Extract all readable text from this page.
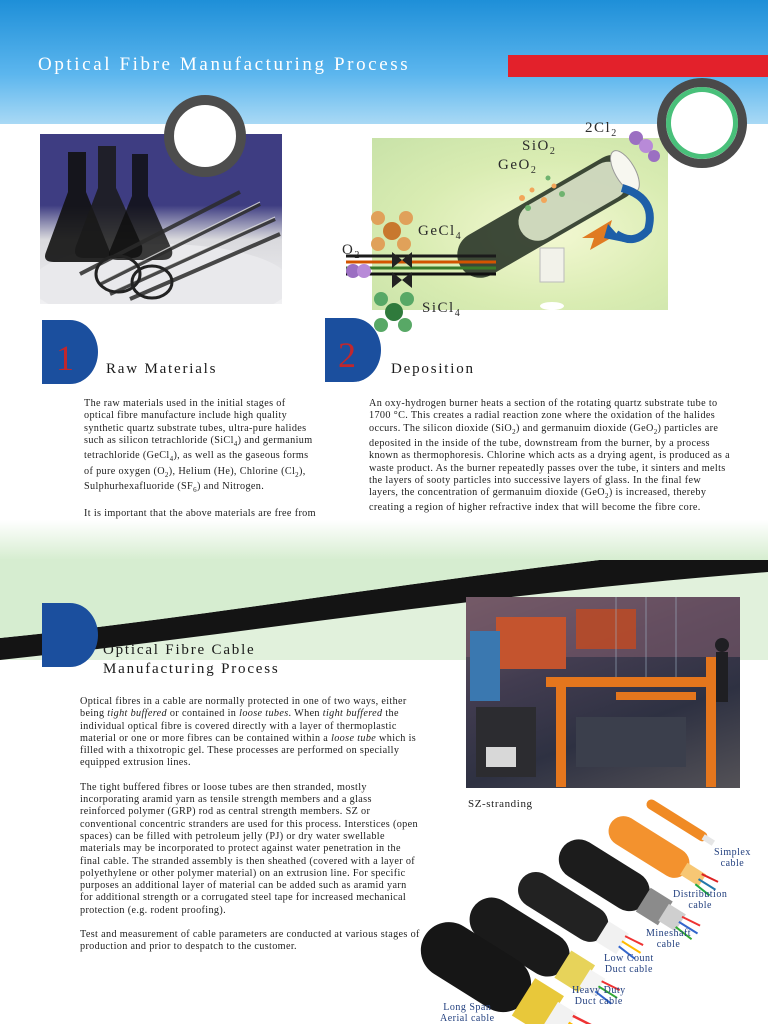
Optical Fibre Manufacturing Process
$2Cl_2$
SiO$_2$
GeO$_2$
GeCl$_4$
$O_2$
SiCl$_4$
1 Raw Materials

The raw materials used in the initial stages of optical fibre manufacture include high quality synthetic quartz substrate tubes, ultra-pure halides such as silicon tetrachloride (SiCl$_4$) and germanium tetrachloride (GeCl$_4$), as well as the gaseous forms of pure oxygen $(O_2)$, Helium (He), Chlorine $(Cl_2)$, Sulphurhexafluoride $(SF_6)$ and Nitrogen.

It is important that the above materials are free from

2 Deposition

An oxy-hydrogen burner heats a section of the rotating quartz substrate tube to 1700 °C. This creates a radial reaction zone where the oxidation of the halides occurs. The silicon dioxide (SiO$_2$) and germanuim dioxide (GeO$_2$) particles are deposited in the inside of the tube, downstream from the burner, by a process known as thermophoresis. Chlorine which acts as a drying agent, is produced as a waste product. As the burner repeatedly passes over the tube, it sinters and melts the layers of sooty particles into successive layers of glass. In the final few layers, the concentration of germanuim dioxide (GeO$_2$) is increased, thereby creating a region of higher refractive index that will become the fibre core.

Optical Fibre Cable
Manufacturing Process

Optical fibres in a cable are normally protected in one of two ways, either being tight buffered or contained in loose tubes. When tight buffered the individual optical fibre is covered directly with a layer of thermoplastic material or one or more fibres can be contained within a loose tube which is filled with a thixotropic gel. These processes are performed on specially equipped extrusion lines.

The tight buffered fibres or loose tubes are then stranded, mostly incorporating aramid yarn as tensile strength members and a glass reinforced polymer (GRP) rod as central strength members. SZ or conventional concentric stranders are used for this process. Interstices (open spaces) can be filled with petroleum jelly (PJ) or dry water swellable materials may be incorporated to protect against water penetration in the final cable. The stranded assembly is then sheathed (covered with a layer of polyethylene or other polymer material) on an extrusion line. For specific purposes an additional layer of material can be added such as aramid yarn for additional strength or a corrugated steel tape for increased mechanical protection (e.g. rodent proofing).

Test and measurement of cable parameters are conducted at various stages of production and prior to despatch to the customer.

SZ-stranding
Simplex
cable
Distribution
cable
Mineshaft
cable
Low Count
Duct cable
Heavy Duty
Duct cable
Long Span
Aerial cable
